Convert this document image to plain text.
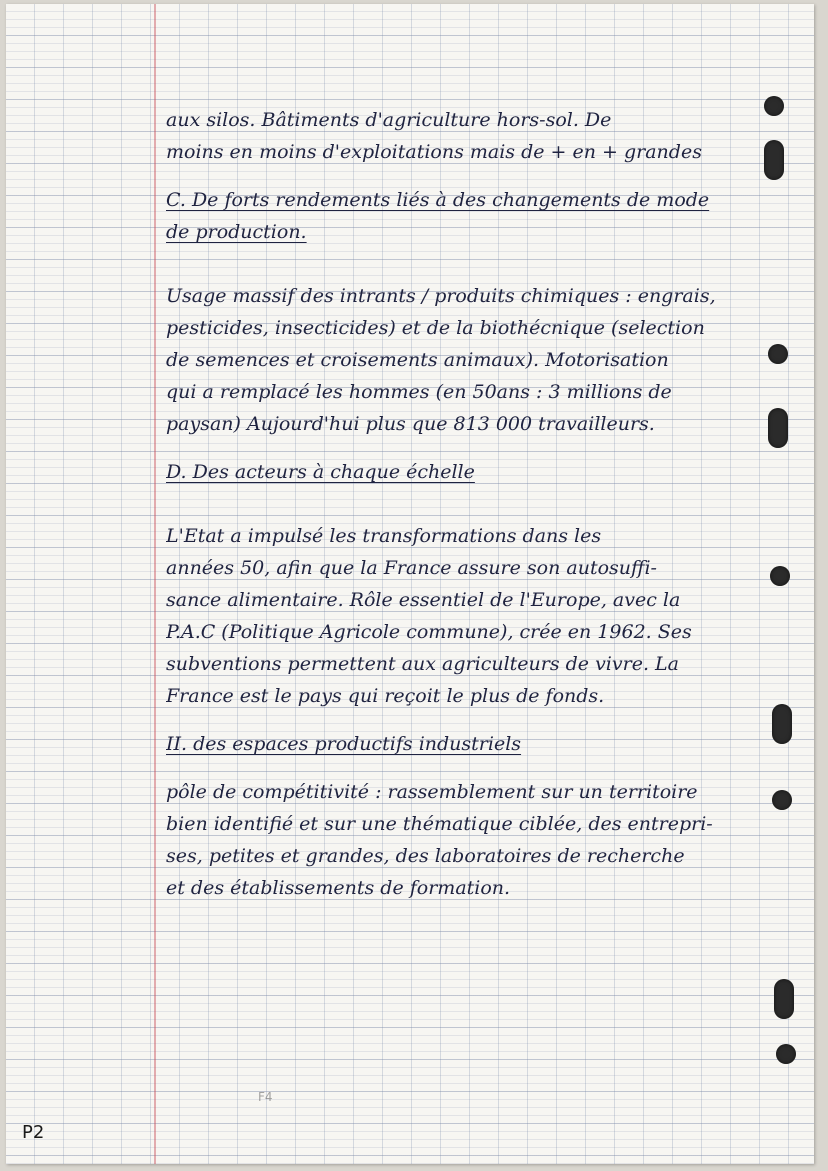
aux silos. Bâtiments d'agriculture hors-sol. De
moins en moins d'exploitations mais de + en + grandes
C. De forts rendements liés à des changements de mode
de production.
Usage massif des intrants / produits chimiques : engrais,
pesticides, insecticides) et de la biothécnique (selection
de semences et croisements animaux). Motorisation
qui a remplacé les hommes (en 50ans : 3 millions de
paysan) Aujourd'hui plus que 813 000 travailleurs.
D. Des acteurs à chaque échelle
L'Etat a impulsé les transformations dans les
années 50, afin que la France assure son autosuffi-
sance alimentaire. Rôle essentiel de l'Europe, avec la
P.A.C (Politique Agricole commune), crée en 1962. Ses
subventions permettent aux agriculteurs de vivre. La
France est le pays qui reçoit le plus de fonds.
II. des espaces productifs industriels
pôle de compétitivité : rassemblement sur un territoire
bien identifié et sur une thématique ciblée, des entrepri-
ses, petites et grandes, des laboratoires de recherche
et des établissements de formation.
F4
P2
